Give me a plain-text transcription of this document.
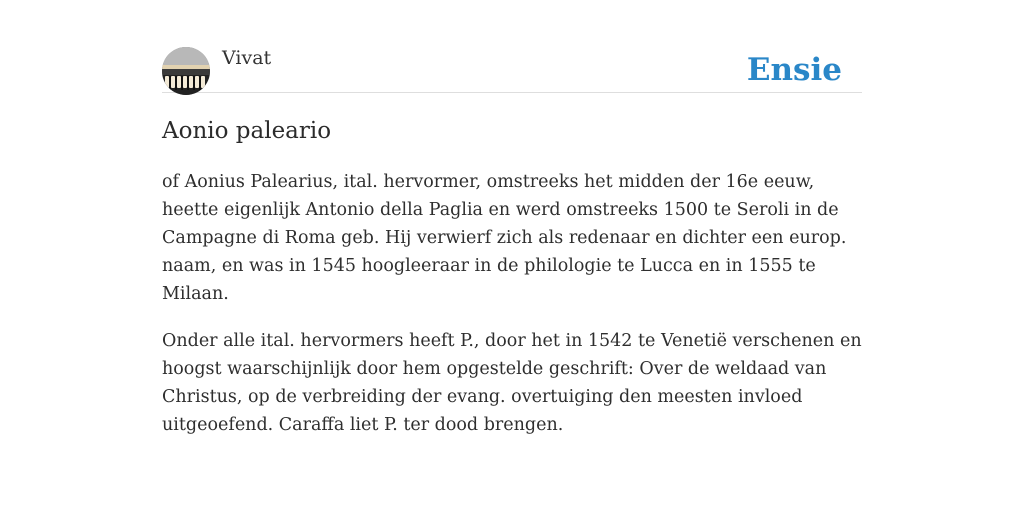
Vivat	Ensie
Aonio paleario

of Aonius Palearius, ital. hervormer, omstreeks het midden der 16e eeuw, heette eigenlijk Antonio della Paglia en werd omstreeks 1500 te Seroli in de Campagne di Roma geb. Hij verwierf zich als redenaar en dichter een europ. naam, en was in 1545 hoogleeraar in de philologie te Lucca en in 1555 te Milaan.

Onder alle ital. hervormers heeft P., door het in 1542 te Venetië verschenen en hoogst waarschijnlijk door hem opgestelde geschrift: Over de weldaad van Christus, op de verbreiding der evang. overtuiging den meesten invloed uitgeoefend. Caraffa liet P. ter dood brengen.
